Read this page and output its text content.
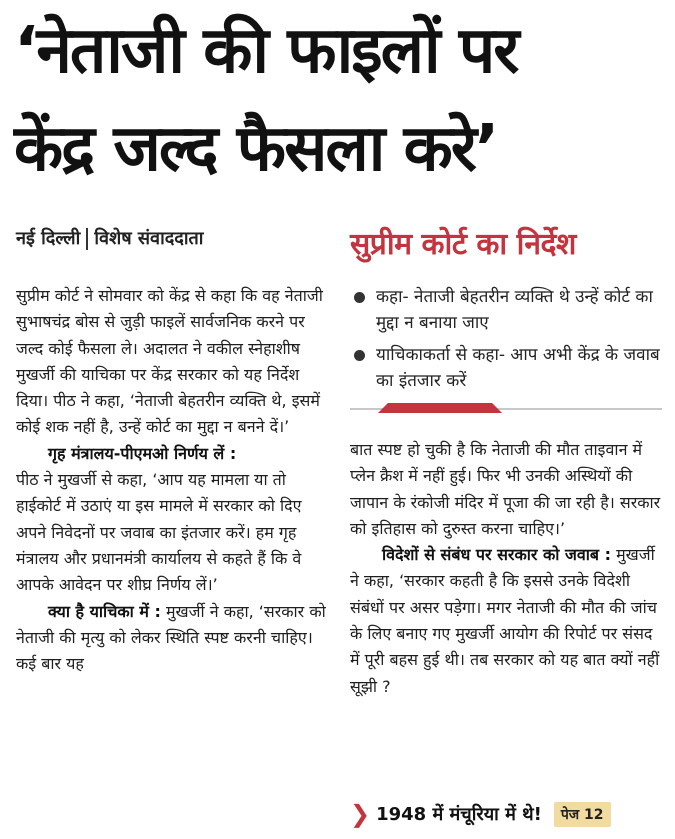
‘नेताजी की फाइलों पर
केंद्र जल्द फैसला करे’
नई दिल्ली विशेष संवाददाता	सुप्रीम कोर्ट का निर्देश
कहा- नेताजी बेहतरीन व्यक्ति थे उन्हें कोर्ट का मुद्दा न बनाया जाए
याचिकाकर्ता से कहा- आप अभी केंद्र के जवाब का इंतजार करें

सुप्रीम कोर्ट ने सोमवार को केंद्र से कहा कि वह नेताजी सुभाषचंद्र बोस से जुड़ी फाइलें सार्वजनिक करने पर जल्द कोई फैसला ले। अदालत ने वकील स्नेहाशीष मुखर्जी की याचिका पर केंद्र सरकार को यह निर्देश दिया। पीठ ने कहा, ‘नेताजी बेहतरीन व्यक्ति थे, इसमें कोई शक नहीं है, उन्हें कोर्ट का मुद्दा न बनने दें।’

गृह मंत्रालय-पीएमओ निर्णय लें :

पीठ ने मुखर्जी से कहा, ‘आप यह मामला या तो हाईकोर्ट में उठाएं या इस मामले में सरकार को दिए अपने निवेदनों पर जवाब का इंतजार करें। हम गृह मंत्रालय और प्रधानमंत्री कार्यालय से कहते हैं कि वे आपके आवेदन पर शीघ्र निर्णय लें।’

क्या है याचिका में : मुखर्जी ने कहा, ‘सरकार को नेताजी की मृत्यु को लेकर स्थिति स्पष्ट करनी चाहिए। कई बार यह

बात स्पष्ट हो चुकी है कि नेताजी की मौत ताइवान में प्लेन क्रैश में नहीं हुई। फिर भी उनकी अस्थियों की जापान के रंकोजी मंदिर में पूजा की जा रही है। सरकार को इतिहास को दुरुस्त करना चाहिए।’

विदेशों से संबंध पर सरकार को जवाब : मुखर्जी ने कहा, ‘सरकार कहती है कि इससे उनके विदेशी संबंधों पर असर पड़ेगा। मगर नेताजी की मौत की जांच के लिए बनाए गए मुखर्जी आयोग की रिपोर्ट पर संसद में पूरी बहस हुई थी। तब सरकार को यह बात क्यों नहीं सूझी ?

❯ 1948 में मंचूरिया में थे!	पेज 12
